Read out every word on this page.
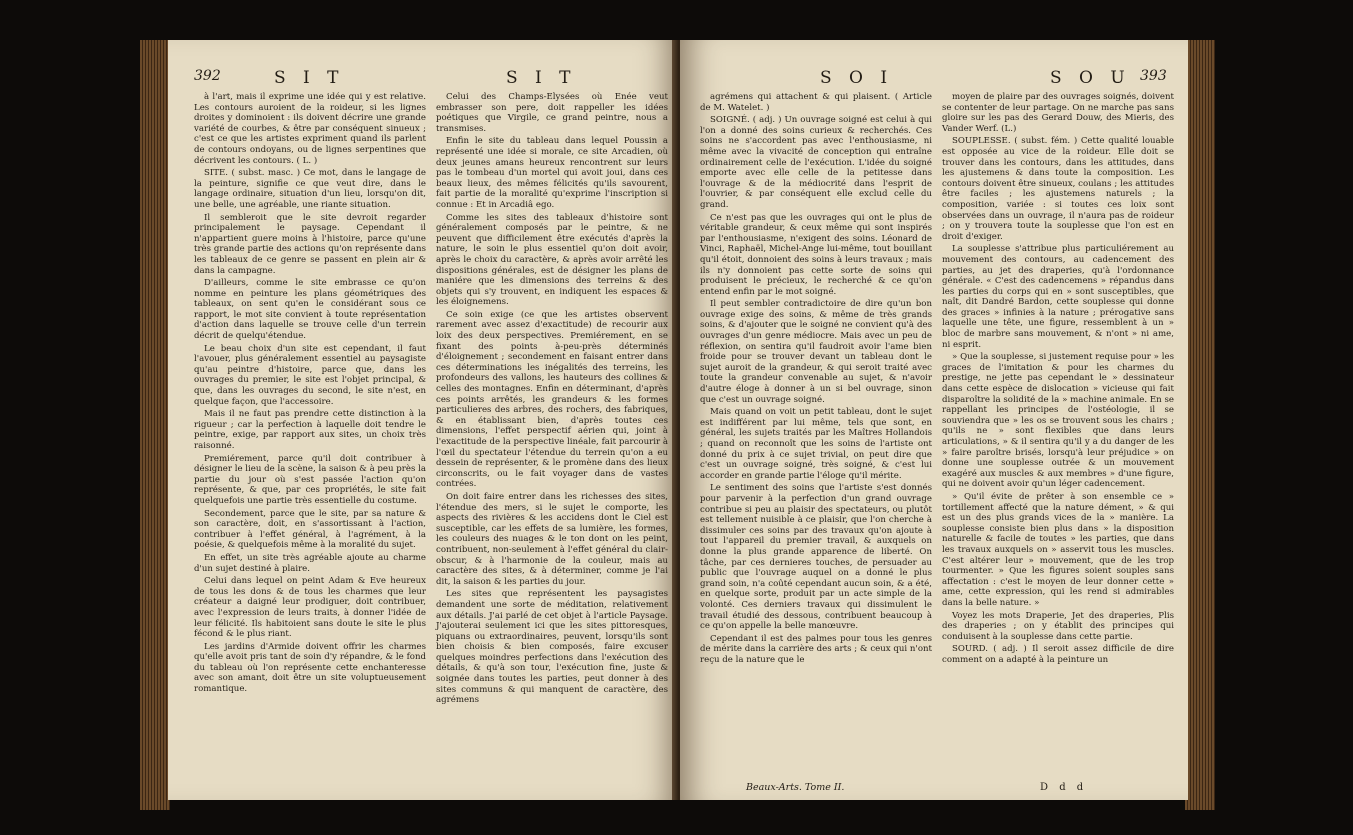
392	S I T	S I T

à l'art, mais il exprime une idée qui y est relative. Les contours auroient de la roideur, si les lignes droites y dominoient : ils doivent décrire une grande variété de courbes, & être par conséquent sinueux ; c'est ce que les artistes expriment quand ils parlent de contours ondoyans, ou de lignes serpentines que décrivent les contours. ( L. )

SITE. ( subst. masc. ) Ce mot, dans le langage de la peinture, signifie ce que veut dire, dans le langage ordinaire, situation d'un lieu, lorsqu'on dit, une belle, une agréable, une riante situation.

Il sembleroit que le site devroit regarder principalement le paysage. Cependant il n'appartient guere moins à l'histoire, parce qu'une très grande partie des actions qu'on représente dans les tableaux de ce genre se passent en plein air & dans la campagne.

D'ailleurs, comme le site embrasse ce qu'on nomme en peinture les plans géométriques des tableaux, on sent qu'en le considérant sous ce rapport, le mot site convient à toute représentation d'action dans laquelle se trouve celle d'un terrein décrit de quelqu'étendue.

Le beau choix d'un site est cependant, il faut l'avouer, plus généralement essentiel au paysagiste qu'au peintre d'histoire, parce que, dans les ouvrages du premier, le site est l'objet principal, & que, dans les ouvrages du second, le site n'est, en quelque façon, que l'accessoire.

Mais il ne faut pas prendre cette distinction à la rigueur ; car la perfection à laquelle doit tendre le peintre, exige, par rapport aux sites, un choix très raisonné.

Premiérement, parce qu'il doit contribuer à désigner le lieu de la scène, la saison & à peu près la partie du jour où s'est passée l'action qu'on représente, & que, par ces propriétés, le site fait quelquefois une partie très essentielle du costume.

Secondement, parce que le site, par sa nature & son caractère, doit, en s'assortissant à l'action, contribuer à l'effet général, à l'agrément, à la poésie, & quelquefois même à la moralité du sujet.

En effet, un site très agréable ajoute au charme d'un sujet destiné à plaire.

Celui dans lequel on peint Adam & Eve heureux de tous les dons & de tous les charmes que leur créateur a daigné leur prodiguer, doit contribuer, avec l'expression de leurs traits, à donner l'idée de leur félicité. Ils habitoient sans doute le site le plus fécond & le plus riant.

Les jardins d'Armide doivent offrir les charmes qu'elle avoit pris tant de soin d'y répandre, & le fond du tableau où l'on représente cette enchanteresse avec son amant, doit être un site voluptueusement romantique.

Celui des Champs-Elysées où Enée veut embrasser son pere, doit rappeller les idées poétiques que Virgile, ce grand peintre, nous a transmises.

Enfin le site du tableau dans lequel Poussin a représenté une idée si morale, ce site Arcadien, où deux jeunes amans heureux rencontrent sur leurs pas le tombeau d'un mortel qui avoit joui, dans ces beaux lieux, des mêmes félicités qu'ils savourent, fait partie de la moralité qu'exprime l'inscription si connue : Et in Arcadiâ ego.

Comme les sites des tableaux d'histoire sont généralement composés par le peintre, & ne peuvent que difficilement être exécutés d'après la nature, le soin le plus essentiel qu'on doit avoir, après le choix du caractère, & après avoir arrêté les dispositions générales, est de désigner les plans de maniére que les dimensions des terreins & des objets qui s'y trouvent, en indiquent les espaces & les éloignemens.

Ce soin exige (ce que les artistes observent rarement avec assez d'exactitude) de recourir aux loix des deux perspectives. Premiérement, en se fixant des points à-peu-près déterminés d'éloignement ; secondement en faisant entrer dans ces déterminations les inégalités des terreins, les profondeurs des vallons, les hauteurs des collines & celles des montagnes. Enfin en déterminant, d'après ces points arrêtés, les grandeurs & les formes particulieres des arbres, des rochers, des fabriques, & en établissant bien, d'après toutes ces dimensions, l'effet perspectif aérien qui, joint à l'exactitude de la perspective linéale, fait parcourir à l'œil du spectateur l'étendue du terrein qu'on a eu dessein de représenter, & le promène dans des lieux circonscrits, ou le fait voyager dans de vastes contrées.

On doit faire entrer dans les richesses des sites, l'étendue des mers, si le sujet le comporte, les aspects des rivières & les accidens dont le Ciel est susceptible, car les effets de sa lumière, les formes, les couleurs des nuages & le ton dont on les peint, contribuent, non-seulement à l'effet général du clair-obscur, & à l'harmonie de la couleur, mais au caractère des sites, & à déterminer, comme je l'ai dit, la saison & les parties du jour.

Les sites que représentent les paysagistes demandent une sorte de méditation, relativement aux détails. J'ai parlé de cet objet à l'article Paysage. J'ajouterai seulement ici que les sites pittoresques, piquans ou extraordinaires, peuvent, lorsqu'ils sont bien choisis & bien composés, faire excuser quelques moindres perfections dans l'exécution des détails, & qu'à son tour, l'exécution fine, juste & soignée dans toutes les parties, peut donner à des sites communs & qui manquent de caractère, des agrémens

S O I	S O U 393

agrémens qui attachent & qui plaisent. ( Article de M. Watelet. )

SOIGNÉ. ( adj. ) Un ouvrage soigné est celui à qui l'on a donné des soins curieux & recherchés. Ces soins ne s'accordent pas avec l'enthousiasme, ni même avec la vivacité de conception qui entraîne ordinairement celle de l'exécution. L'idée du soigné emporte avec elle celle de la petitesse dans l'ouvrage & de la médiocrité dans l'esprit de l'ouvrier, & par conséquent elle exclud celle du grand.

Ce n'est pas que les ouvrages qui ont le plus de véritable grandeur, & ceux même qui sont inspirés par l'enthousiasme, n'exigent des soins. Léonard de Vinci, Raphaël, Michel-Ange lui-même, tout bouillant qu'il étoit, donnoient des soins à leurs travaux ; mais ils n'y donnoient pas cette sorte de soins qui produisent le précieux, le recherché & ce qu'on entend enfin par le mot soigné.

Il peut sembler contradictoire de dire qu'un bon ouvrage exige des soins, & même de très grands soins, & d'ajouter que le soigné ne convient qu'à des ouvrages d'un genre médiocre. Mais avec un peu de réflexion, on sentira qu'il faudroit avoir l'ame bien froide pour se trouver devant un tableau dont le sujet auroit de la grandeur, & qui seroit traité avec toute la grandeur convenable au sujet, & n'avoir d'autre éloge à donner à un si bel ouvrage, sinon que c'est un ouvrage soigné.

Mais quand on voit un petit tableau, dont le sujet est indifférent par lui même, tels que sont, en général, les sujets traités par les Maîtres Hollandois ; quand on reconnoît que les soins de l'artiste ont donné du prix à ce sujet trivial, on peut dire que c'est un ouvrage soigné, très soigné, & c'est lui accorder en grande partie l'éloge qu'il mérite.

Le sentiment des soins que l'artiste s'est donnés pour parvenir à la perfection d'un grand ouvrage contribue si peu au plaisir des spectateurs, ou plutôt est tellement nuisible à ce plaisir, que l'on cherche à dissimuler ces soins par des travaux qu'on ajoute à tout l'appareil du premier travail, & auxquels on donne la plus grande apparence de liberté. On tâche, par ces dernieres touches, de persuader au public que l'ouvrage auquel on a donné le plus grand soin, n'a coûté cependant aucun soin, & a été, en quelque sorte, produit par un acte simple de la volonté. Ces derniers travaux qui dissimulent le travail étudié des dessous, contribuent beaucoup à ce qu'on appelle la belle manœuvre.

Cependant il est des palmes pour tous les genres de mérite dans la carrière des arts ; & ceux qui n'ont reçu de la nature que le

moyen de plaire par des ouvrages soignés, doivent se contenter de leur partage. On ne marche pas sans gloire sur les pas des Gerard Douw, des Mieris, des Vander Werf. (L.)

SOUPLESSE. ( subst. fém. ) Cette qualité louable est opposée au vice de la roideur. Elle doit se trouver dans les contours, dans les attitudes, dans les ajustemens & dans toute la composition. Les contours doivent être sinueux, coulans ; les attitudes être faciles ; les ajustemens naturels ; la composition, variée : si toutes ces loix sont observées dans un ouvrage, il n'aura pas de roideur ; on y trouvera toute la souplesse que l'on est en droit d'exiger.

La souplesse s'attribue plus particuliérement au mouvement des contours, au cadencement des parties, au jet des draperies, qu'à l'ordonnance générale. « C'est des cadencemens » répandus dans les parties du corps qui en » sont susceptibles, que naît, dit Dandré Bardon, cette souplesse qui donne des graces » infinies à la nature ; prérogative sans laquelle une tête, une figure, ressemblent à un » bloc de marbre sans mouvement, & n'ont » ni ame, ni esprit.

» Que la souplesse, si justement requise pour » les graces de l'imitation & pour les charmes du prestige, ne jette pas cependant le » dessinateur dans cette espèce de dislocation » vicieuse qui fait disparoître la solidité de la » machine animale. En se rappellant les principes de l'ostéologie, il se souviendra que » les os se trouvent sous les chairs ; qu'ils ne » sont flexibles que dans leurs articulations, » & il sentira qu'il y a du danger de les » faire paroître brisés, lorsqu'à leur préjudice » on donne une souplesse outrée & un mouvement exagéré aux muscles & aux membres » d'une figure, qui ne doivent avoir qu'un léger cadencement.

» Qu'il évite de prêter à son ensemble ce » tortillement affecté que la nature dément, » & qui est un des plus grands vices de la » manière. La souplesse consiste bien plus dans » la disposition naturelle & facile de toutes » les parties, que dans les travaux auxquels on » asservit tous les muscles. C'est altérer leur » mouvement, que de les trop tourmenter. » Que les figures soient souples sans affectation : c'est le moyen de leur donner cette » ame, cette expression, qui les rend si admirables dans la belle nature. »

Voyez les mots Draperie, Jet des draperies, Plis des draperies ; on y établit des principes qui conduisent à la souplesse dans cette partie.

SOURD. ( adj. ) Il seroit assez difficile de dire comment on a adapté à la peinture un

Beaux-Arts. Tome II.	D d d
